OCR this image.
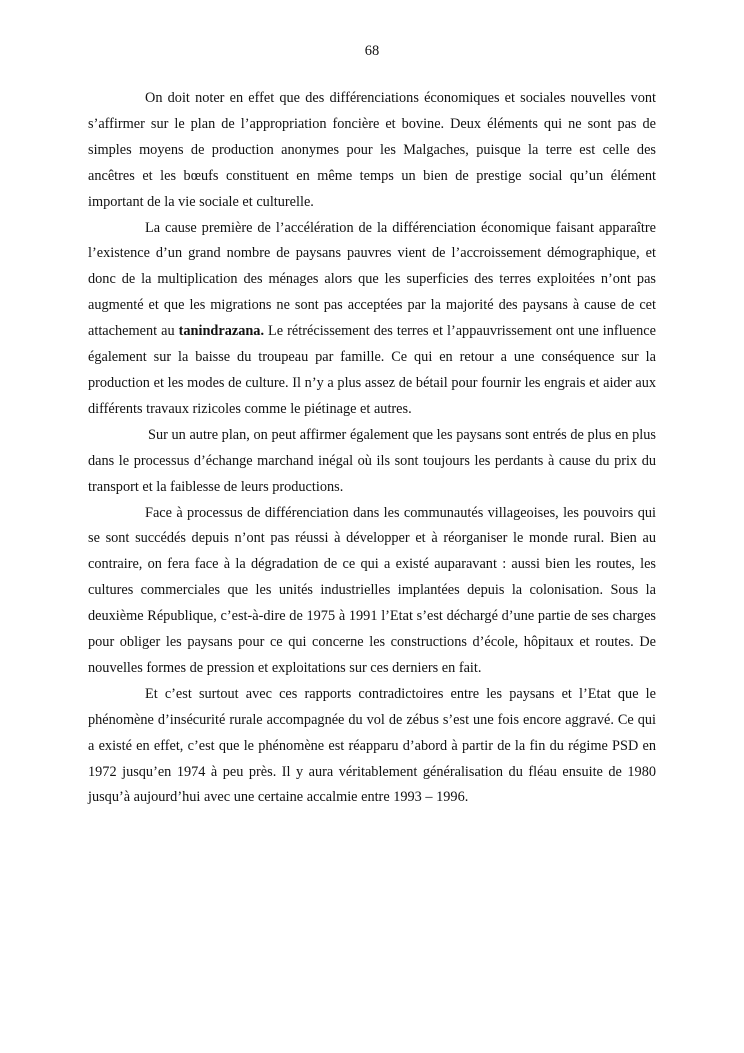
68

On doit noter en effet que des différenciations économiques et sociales nouvelles vont s’affirmer sur le plan de l’appropriation foncière et bovine. Deux éléments qui ne sont pas de simples moyens de production anonymes pour les Malgaches, puisque la terre est celle des ancêtres et les bœufs constituent en même temps un bien de prestige social qu’un élément important de la vie sociale et culturelle.

La cause première de l’accélération de la différenciation économique faisant apparaître l’existence d’un grand nombre de paysans pauvres vient de l’accroissement démographique, et donc de la multiplication des ménages alors que les superficies des terres exploitées n’ont pas augmenté et que les migrations ne sont pas acceptées par la majorité des paysans à cause de cet attachement au tanindrazana. Le rétrécissement des terres et l’appauvrissement ont une influence également sur la baisse du troupeau par famille. Ce qui en retour a une conséquence sur la production et les modes de culture. Il n’y a plus assez de bétail pour fournir les engrais et aider aux différents travaux rizicoles comme le piétinage et autres.

Sur un autre plan, on peut affirmer également que les paysans sont entrés de plus en plus dans le processus d’échange marchand inégal où ils sont toujours les perdants à cause du prix du transport et la faiblesse de leurs productions.

Face à processus de différenciation dans les communautés villageoises, les pouvoirs qui se sont succédés depuis n’ont pas réussi à développer et à réorganiser le monde rural. Bien au contraire, on fera face à la dégradation de ce qui a existé auparavant : aussi bien les routes, les cultures commerciales que les unités industrielles implantées depuis la colonisation. Sous la deuxième République, c’est-à-dire de 1975 à 1991 l’Etat s’est déchargé d’une partie de ses charges pour obliger les paysans pour ce qui concerne les constructions d’école, hôpitaux et routes. De nouvelles formes de pression et exploitations sur ces derniers en fait.

Et c’est surtout avec ces rapports contradictoires entre les paysans et l’Etat que le phénomène d’insécurité rurale accompagnée du vol de zébus s’est une fois encore aggravé. Ce qui a existé en effet, c’est que le phénomène est réapparu d’abord à partir de la fin du régime PSD en 1972 jusqu’en 1974 à peu près. Il y aura véritablement généralisation du fléau ensuite de 1980 jusqu’à aujourd’hui avec une certaine accalmie entre 1993 – 1996.
